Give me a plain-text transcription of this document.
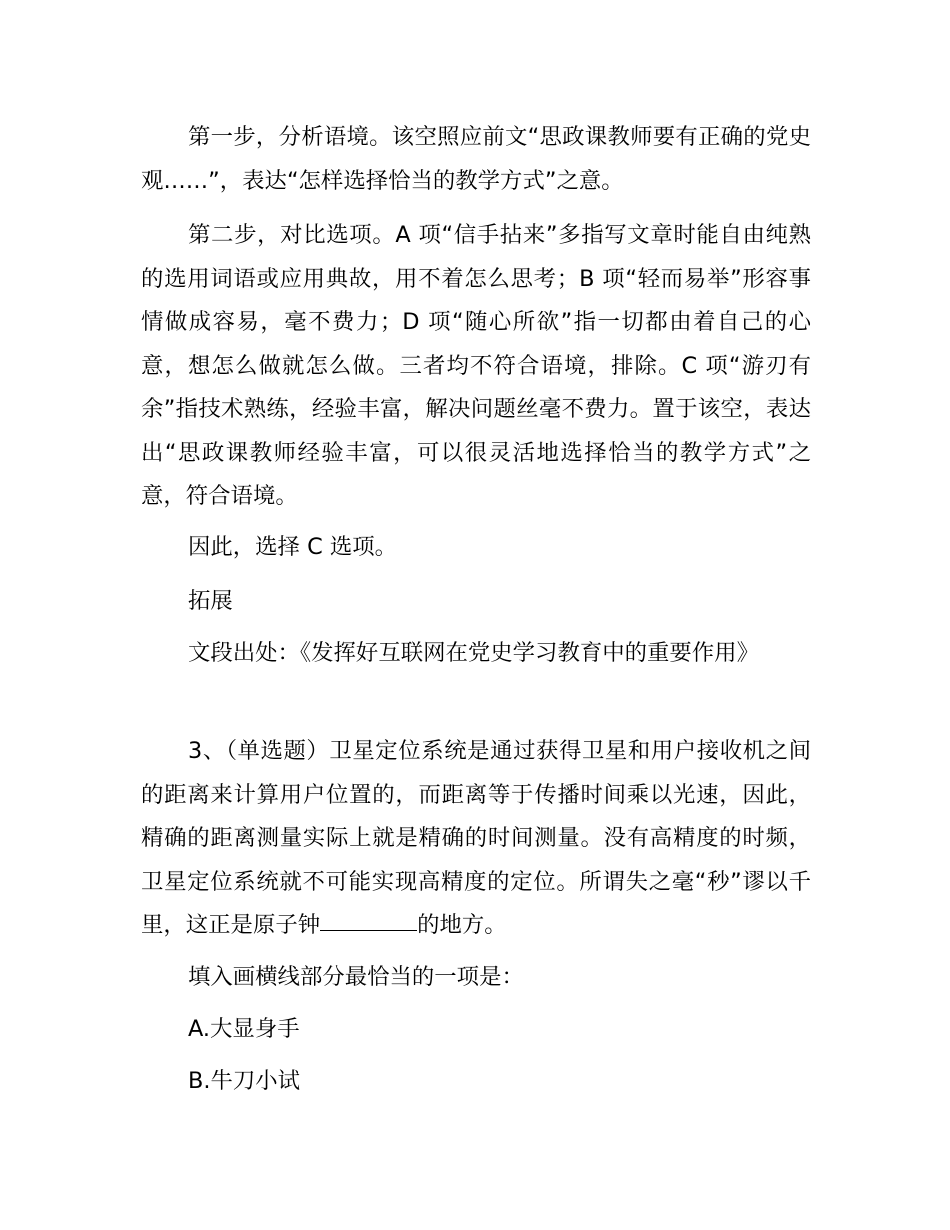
第一步，分析语境。该空照应前文“思政课教师要有正确的党史观……”，表达“怎样选择恰当的教学方式”之意。

第二步，对比选项。A 项“信手拈来”多指写文章时能自由纯熟的选用词语或应用典故，用不着怎么思考；B 项“轻而易举”形容事情做成容易，毫不费力；D 项“随心所欲”指一切都由着自己的心意，想怎么做就怎么做。三者均不符合语境，排除。C 项“游刃有余”指技术熟练，经验丰富，解决问题丝毫不费力。置于该空，表达出“思政课教师经验丰富，可以很灵活地选择恰当的教学方式”之意，符合语境。

因此，选择 C 选项。

拓展

文段出处：《发挥好互联网在党史学习教育中的重要作用》

3、（单选题）卫星定位系统是通过获得卫星和用户接收机之间的距离来计算用户位置的，而距离等于传播时间乘以光速，因此，精确的距离测量实际上就是精确的时间测量。没有高精度的时频，卫星定位系统就不可能实现高精度的定位。所谓失之毫“秒”谬以千里，这正是原子钟	的地方。

填入画横线部分最恰当的一项是：

A.大显身手

B.牛刀小试
